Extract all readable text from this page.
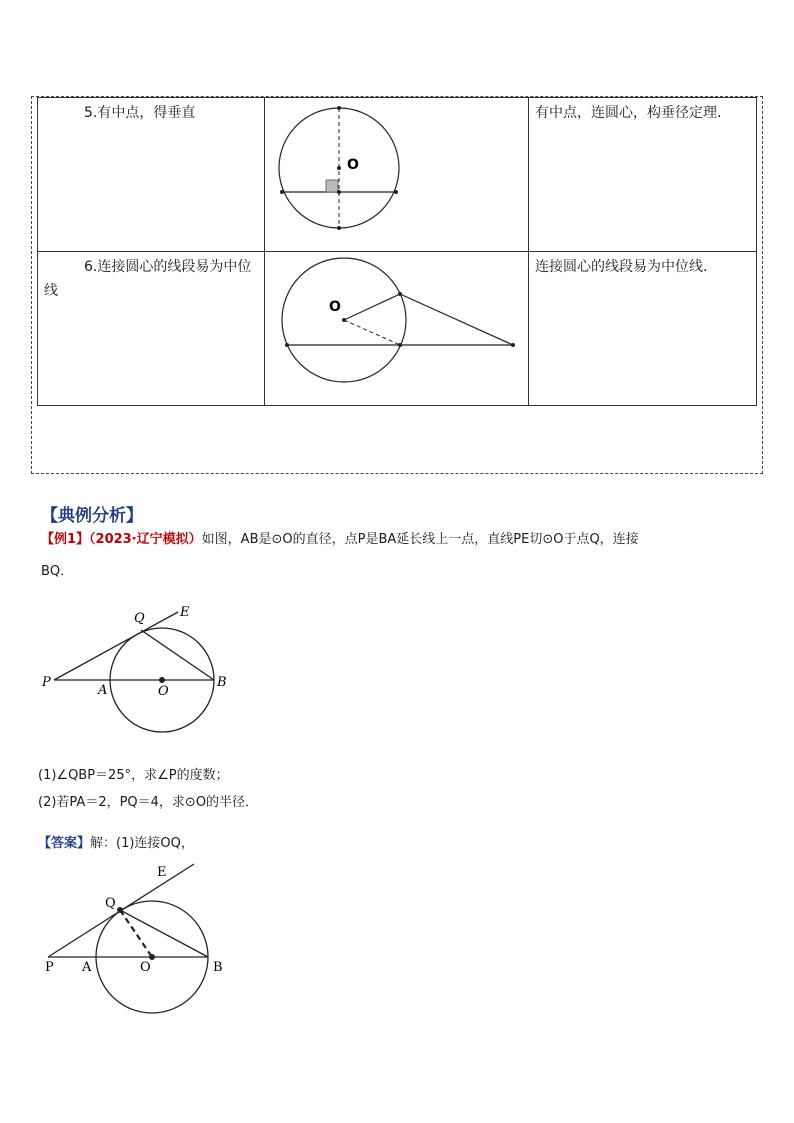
5.有中点，得垂直	O	有中点，连圆心，构垂径定理.

6.连接圆心的线段易为中位线	O	连接圆心的线段易为中位线.
【典例分析】
【例1】（2023·辽宁模拟）如图，AB是⊙O的直径，点P是BA延长线上一点，直线PE切⊙O于点Q，连接
BQ．
Q	E
P
A	O
B
(1)∠QBP＝25°，求∠P的度数；
(2)若PA＝2，PQ＝4，求⊙O的半径．
【答案】解：(1)连接OQ，
E
Q
P A	O	B
